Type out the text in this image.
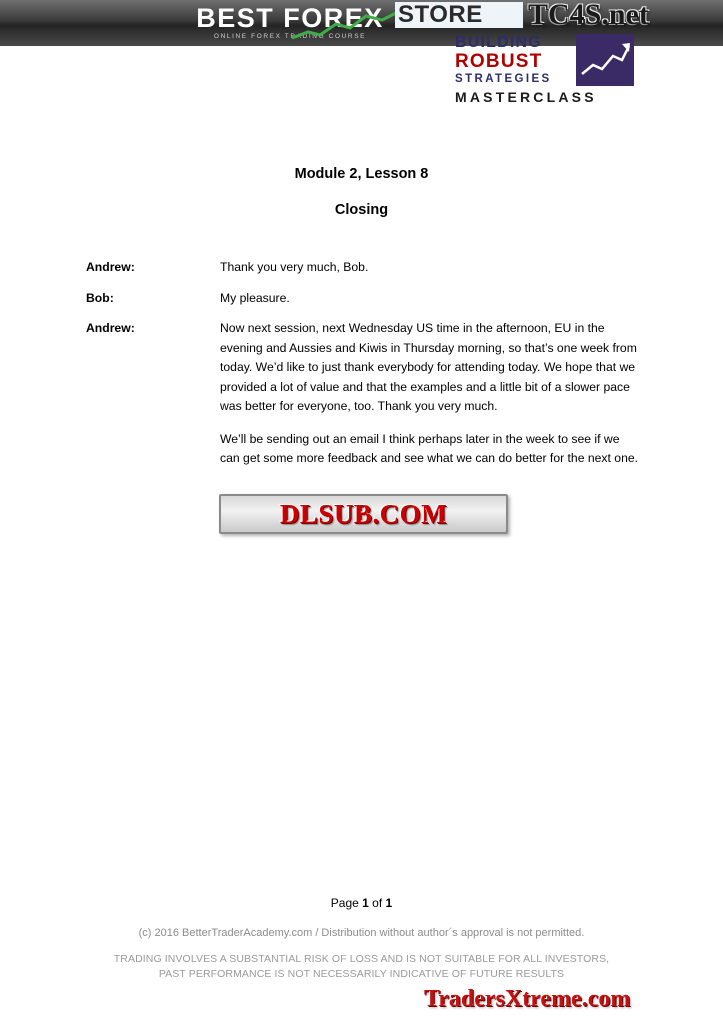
BEST FOREX
ONLINE FOREX TRADING COURSE
STORE	TC4S.net
BUILDING
ROBUST
STRATEGIES
MASTERCLASS
Module 2, Lesson 8
Closing
Andrew:	Thank you very much, Bob.

Bob:	My pleasure.

Andrew:	Now next session, next Wednesday US time in the afternoon, EU in the evening and Aussies and Kiwis in Thursday morning, so that’s one week from today. We’d like to just thank everybody for attending today. We hope that we provided a lot of value and that the examples and a little bit of a slower pace was better for everyone, too. Thank you very much.

We’ll be sending out an email I think perhaps later in the week to see if we can get some more feedback and see what we can do better for the next one.

DLSUB.COM
Page 1 of 1
(c) 2016 BetterTraderAcademy.com / Distribution without author´s approval is not permitted.
TRADING INVOLVES A SUBSTANTIAL RISK OF LOSS AND IS NOT SUITABLE FOR ALL INVESTORS,
PAST PERFORMANCE IS NOT NECESSARILY INDICATIVE OF FUTURE RESULTS
TradersXtreme.com
